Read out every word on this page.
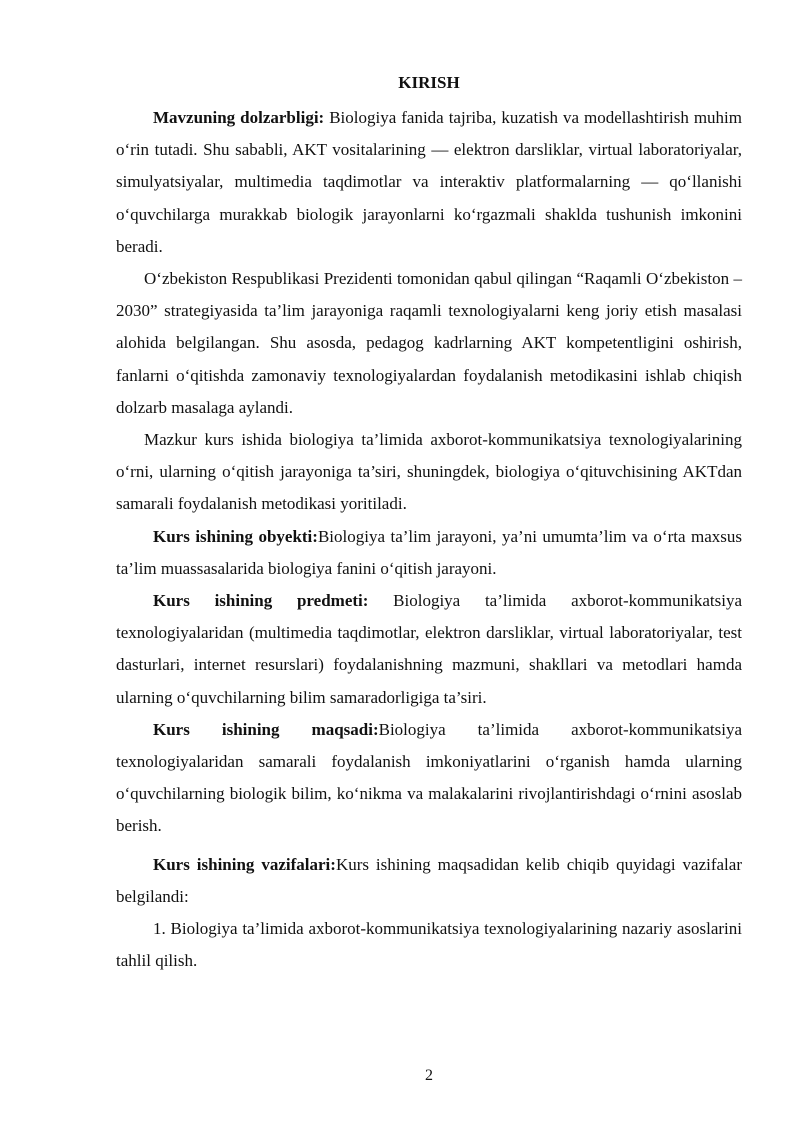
KIRISH

Mavzuning dolzarbligi: Biologiya fanida tajriba, kuzatish va modellashtirish muhim o‘rin tutadi. Shu sababli, AKT vositalarining — elektron darsliklar, virtual laboratoriyalar, simulyatsiyalar, multimedia taqdimotlar va interaktiv platformalarning — qo‘llanishi o‘quvchilarga murakkab biologik jarayonlarni ko‘rgazmali shaklda tushunish imkonini beradi.

O‘zbekiston Respublikasi Prezidenti tomonidan qabul qilingan “Raqamli O‘zbekiston – 2030” strategiyasida ta’lim jarayoniga raqamli texnologiyalarni keng joriy etish masalasi alohida belgilangan. Shu asosda, pedagog kadrlarning AKT kompetentligini oshirish, fanlarni o‘qitishda zamonaviy texnologiyalardan foydalanish metodikasini ishlab chiqish dolzarb masalaga aylandi.

Mazkur kurs ishida biologiya ta’limida axborot-kommunikatsiya texnologiyalarining o‘rni, ularning o‘qitish jarayoniga ta’siri, shuningdek, biologiya o‘qituvchisining AKTdan samarali foydalanish metodikasi yoritiladi.

Kurs ishining obyekti:Biologiya ta’lim jarayoni, ya’ni umumta’lim va o‘rta maxsus ta’lim muassasalarida biologiya fanini o‘qitish jarayoni.

Kurs ishining predmeti: Biologiya ta’limida axborot-kommunikatsiya texnologiyalaridan (multimedia taqdimotlar, elektron darsliklar, virtual laboratoriyalar, test dasturlari, internet resurslari) foydalanishning mazmuni, shakllari va metodlari hamda ularning o‘quvchilarning bilim samaradorligiga ta’siri.

Kurs ishining maqsadi:Biologiya ta’limida axborot-kommunikatsiya texnologiyalaridan samarali foydalanish imkoniyatlarini o‘rganish hamda ularning o‘quvchilarning biologik bilim, ko‘nikma va malakalarini rivojlantirishdagi o‘rnini asoslab berish.

Kurs ishining vazifalari:Kurs ishining maqsadidan kelib chiqib quyidagi vazifalar belgilandi:

1. Biologiya ta’limida axborot-kommunikatsiya texnologiyalarining nazariy asoslarini tahlil qilish.

2
